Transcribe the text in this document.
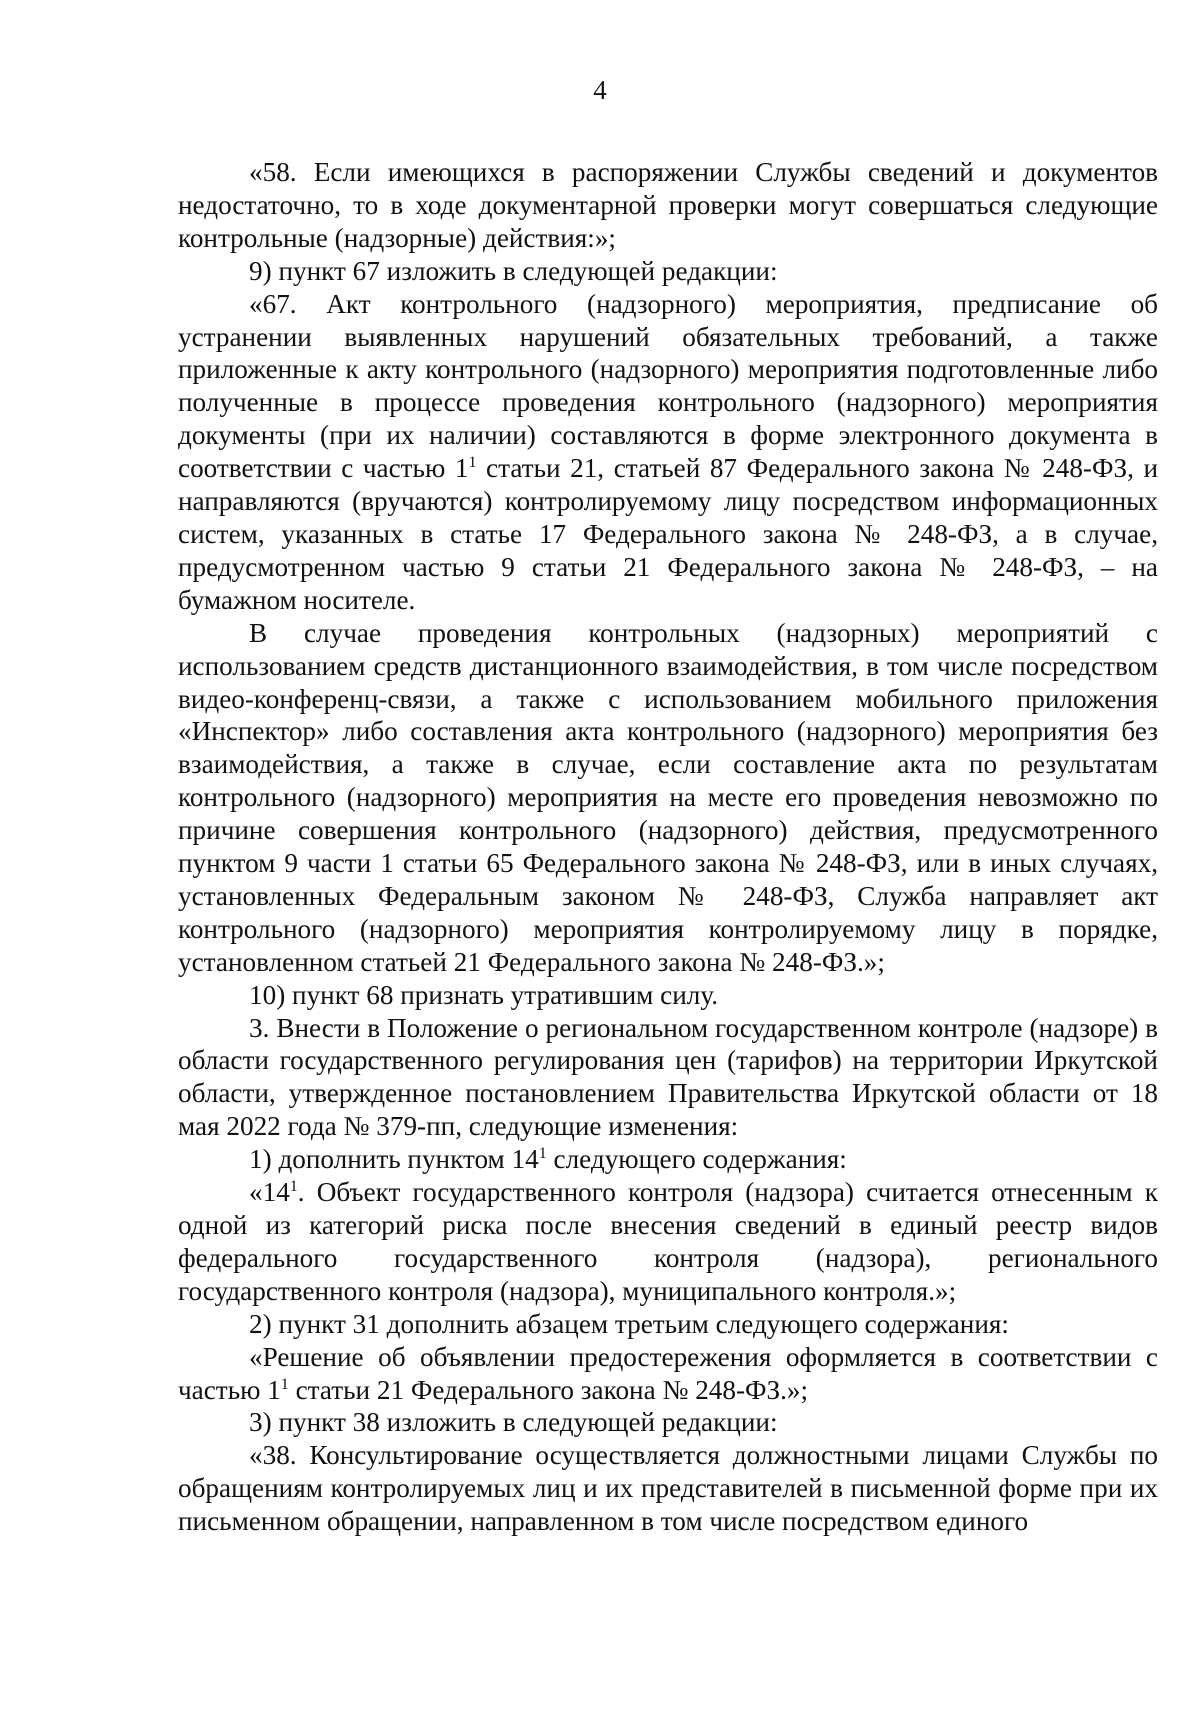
4

«58. Если имеющихся в распоряжении Службы сведений и документов недостаточно, то в ходе документарной проверки могут совершаться следующие контрольные (надзорные) действия:»;

9) пункт 67 изложить в следующей редакции:

«67. Акт контрольного (надзорного) мероприятия, предписание об устранении выявленных нарушений обязательных требований, а также приложенные к акту контрольного (надзорного) мероприятия подготовленные либо полученные в процессе проведения контрольного (надзорного) мероприятия документы (при их наличии) составляются в форме электронного документа в соответствии с частью $1^1$ статьи 21, статьей 87 Федерального закона № 248-ФЗ, и направляются (вручаются) контролируемому лицу посредством информационных систем, указанных в статье 17 Федерального закона № 248-ФЗ, а в случае, предусмотренном частью 9 статьи 21 Федерального закона № 248-ФЗ, – на бумажном носителе.

В случае проведения контрольных (надзорных) мероприятий с использованием средств дистанционного взаимодействия, в том числе посредством видео-конференц-связи, а также с использованием мобильного приложения «Инспектор» либо составления акта контрольного (надзорного) мероприятия без взаимодействия, а также в случае, если составление акта по результатам контрольного (надзорного) мероприятия на месте его проведения невозможно по причине совершения контрольного (надзорного) действия, предусмотренного пунктом 9 части 1 статьи 65 Федерального закона № 248-ФЗ, или в иных случаях, установленных Федеральным законом № 248-ФЗ, Служба направляет акт контрольного (надзорного) мероприятия контролируемому лицу в порядке, установленном статьей 21 Федерального закона № 248-ФЗ.»;

10) пункт 68 признать утратившим силу.

3. Внести в Положение о региональном государственном контроле (надзоре) в области государственного регулирования цен (тарифов) на территории Иркутской области, утвержденное постановлением Правительства Иркутской области от 18 мая 2022 года № 379-пп, следующие изменения:

1) дополнить пунктом $14^1$ следующего содержания:

«$14^1$. Объект государственного контроля (надзора) считается отнесенным к одной из категорий риска после внесения сведений в единый реестр видов федерального государственного контроля (надзора), регионального государственного контроля (надзора), муниципального контроля.»;

2) пункт 31 дополнить абзацем третьим следующего содержания:

«Решение об объявлении предостережения оформляется в соответствии с частью $1^1$ статьи 21 Федерального закона № 248-ФЗ.»;

3) пункт 38 изложить в следующей редакции:

«38. Консультирование осуществляется должностными лицами Службы по обращениям контролируемых лиц и их представителей в письменной форме при их письменном обращении, направленном в том числе посредством единого
